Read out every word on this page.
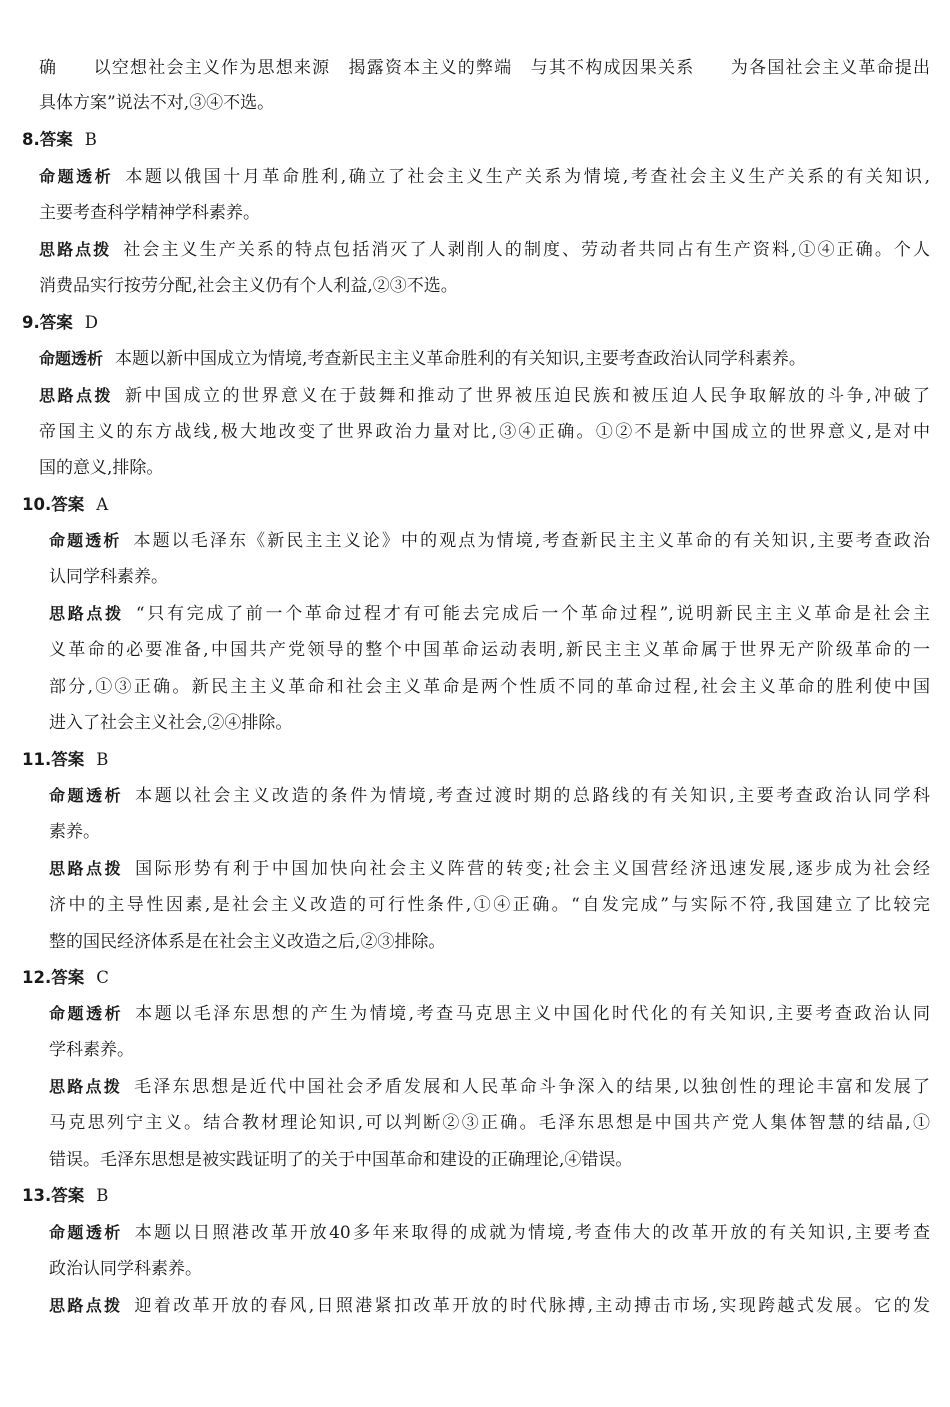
确　　以空想社会主义作为思想来源　揭露资本主义的弊端　与其不构成因果关系　　为各国社会主义革命提出
具体方案”说法不对,③④不选。
8.答案 B
命题透析 本题以俄国十月革命胜利,确立了社会主义生产关系为情境,考查社会主义生产关系的有关知识,
主要考查科学精神学科素养。
思路点拨 社会主义生产关系的特点包括消灭了人剥削人的制度、劳动者共同占有生产资料,①④正确。个人
消费品实行按劳分配,社会主义仍有个人利益,②③不选。
9.答案 D
命题透析 本题以新中国成立为情境,考查新民主主义革命胜利的有关知识,主要考查政治认同学科素养。
思路点拨 新中国成立的世界意义在于鼓舞和推动了世界被压迫民族和被压迫人民争取解放的斗争,冲破了
帝国主义的东方战线,极大地改变了世界政治力量对比,③④正确。①②不是新中国成立的世界意义,是对中
国的意义,排除。
10.答案 A
命题透析 本题以毛泽东《新民主主义论》中的观点为情境,考查新民主主义革命的有关知识,主要考查政治
认同学科素养。
思路点拨 “只有完成了前一个革命过程才有可能去完成后一个革命过程”,说明新民主主义革命是社会主
义革命的必要准备,中国共产党领导的整个中国革命运动表明,新民主主义革命属于世界无产阶级革命的一
部分,①③正确。新民主主义革命和社会主义革命是两个性质不同的革命过程,社会主义革命的胜利使中国
进入了社会主义社会,②④排除。
11.答案 B
命题透析 本题以社会主义改造的条件为情境,考查过渡时期的总路线的有关知识,主要考查政治认同学科
素养。
思路点拨 国际形势有利于中国加快向社会主义阵营的转变;社会主义国营经济迅速发展,逐步成为社会经
济中的主导性因素,是社会主义改造的可行性条件,①④正确。“自发完成”与实际不符,我国建立了比较完
整的国民经济体系是在社会主义改造之后,②③排除。
12.答案 C
命题透析 本题以毛泽东思想的产生为情境,考查马克思主义中国化时代化的有关知识,主要考查政治认同
学科素养。
思路点拨 毛泽东思想是近代中国社会矛盾发展和人民革命斗争深入的结果,以独创性的理论丰富和发展了
马克思列宁主义。结合教材理论知识,可以判断②③正确。毛泽东思想是中国共产党人集体智慧的结晶,①
错误。毛泽东思想是被实践证明了的关于中国革命和建设的正确理论,④错误。
13.答案 B
命题透析 本题以日照港改革开放40多年来取得的成就为情境,考查伟大的改革开放的有关知识,主要考查
政治认同学科素养。
思路点拨 迎着改革开放的春风,日照港紧扣改革开放的时代脉搏,主动搏击市场,实现跨越式发展。它的发
